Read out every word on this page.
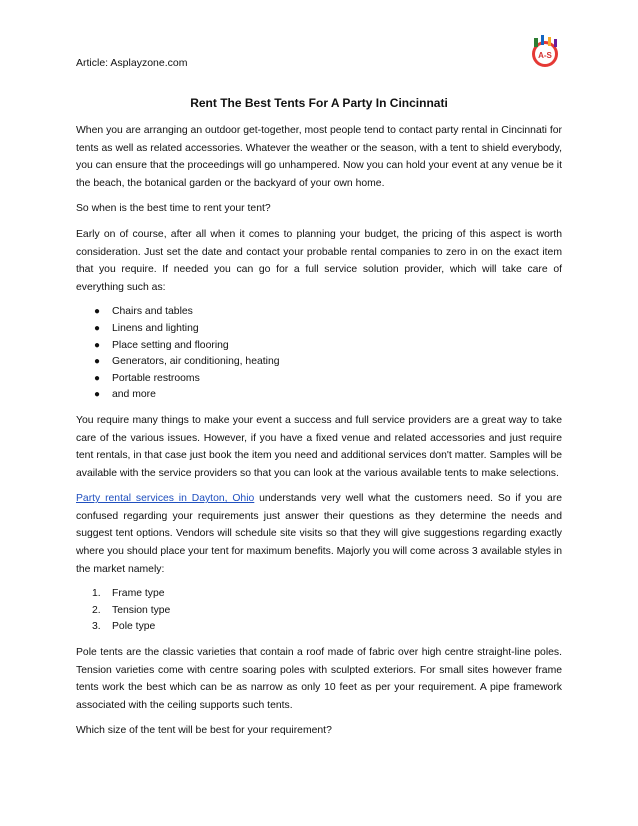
Article: Asplayzone.com
A-S
Rent The Best Tents For A Party In Cincinnati

When you are arranging an outdoor get-together, most people tend to contact party rental in Cincinnati for tents as well as related accessories. Whatever the weather or the season, with a tent to shield everybody, you can ensure that the proceedings will go unhampered. Now you can hold your event at any venue be it the beach, the botanical garden or the backyard of your own home.

So when is the best time to rent your tent?

Early on of course, after all when it comes to planning your budget, the pricing of this aspect is worth consideration. Just set the date and contact your probable rental companies to zero in on the exact item that you require. If needed you can go for a full service solution provider, which will take care of everything such as:

● Chairs and tables
● Linens and lighting
● Place setting and flooring
● Generators, air conditioning, heating
● Portable restrooms
● and more

You require many things to make your event a success and full service providers are a great way to take care of the various issues. However, if you have a fixed venue and related accessories and just require tent rentals, in that case just book the item you need and additional services don't matter. Samples will be available with the service providers so that you can look at the various available tents to make selections.

Party rental services in Dayton, Ohio understands very well what the customers need. So if you are confused regarding your requirements just answer their questions as they determine the needs and suggest tent options. Vendors will schedule site visits so that they will give suggestions regarding exactly where you should place your tent for maximum benefits. Majorly you will come across 3 available styles in the market namely:

1. Frame type
2. Tension type
3. Pole type

Pole tents are the classic varieties that contain a roof made of fabric over high centre straight-line poles. Tension varieties come with centre soaring poles with sculpted exteriors. For small sites however frame tents work the best which can be as narrow as only 10 feet as per your requirement. A pipe framework associated with the ceiling supports such tents.

Which size of the tent will be best for your requirement?
